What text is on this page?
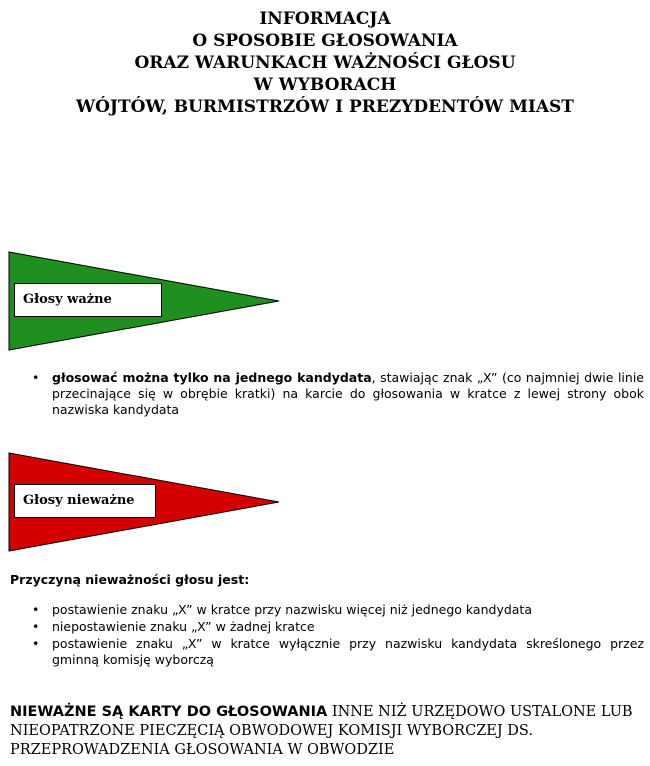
INFORMACJA
O SPOSOBIE GŁOSOWANIA
ORAZ WARUNKACH WAŻNOŚCI GŁOSU
W WYBORACH
WÓJTÓW, BURMISTRZÓW I PREZYDENTÓW MIAST
Głosy ważne
• głosować można tylko na jednego kandydata, stawiając znak „X” (co najmniej dwie linie przecinające się w obrębie kratki) na karcie do głosowania w kratce z lewej strony obok nazwiska kandydata
Głosy nieważne
Przyczyną nieważności głosu jest:
• postawienie znaku „X” w kratce przy nazwisku więcej niż jednego kandydata
• niepostawienie znaku „X” w żadnej kratce
• postawienie znaku „X” w kratce wyłącznie przy nazwisku kandydata skreślonego przez gminną komisję wyborczą
NIEWAŻNE SĄ KARTY DO GŁOSOWANIA INNE NIŻ URZĘDOWO USTALONE LUB NIEOPATRZONE PIECZĘCIĄ OBWODOWEJ KOMISJI WYBORCZEJ DS. PRZEPROWADZENIA GŁOSOWANIA W OBWODZIE
